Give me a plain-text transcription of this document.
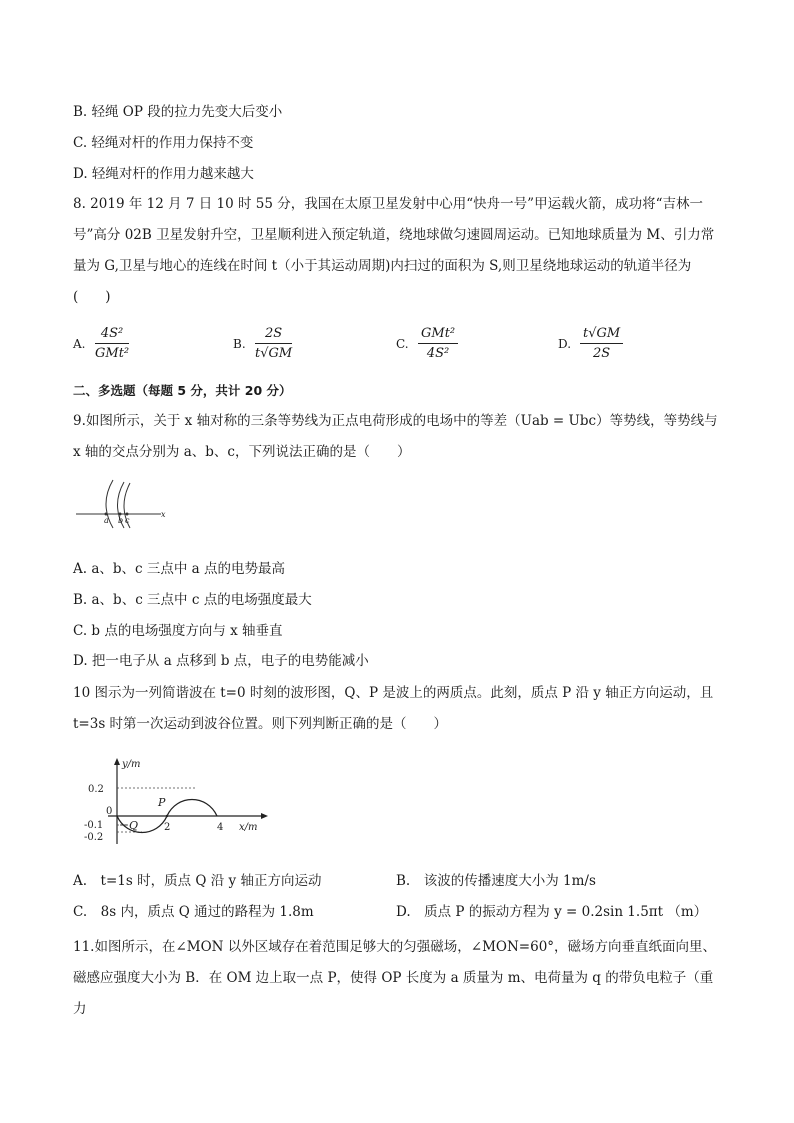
B. 轻绳 OP 段的拉力先变大后变小
C. 轻绳对杆的作用力保持不变
D. 轻绳对杆的作用力越来越大
8. 2019 年 12 月 7 日 10 时 55 分，我国在太原卫星发射中心用“快舟一号”甲运载火箭，成功将“吉林一号”高分 02B 卫星发射升空，卫星顺利进入预定轨道，绕地球做匀速圆周运动。已知地球质量为 M、引力常量为 G,卫星与地心的连线在时间 t（小于其运动周期)内扫过的面积为 S,则卫星绕地球运动的轨道半径为(　　)
A.
4S²
GMt²
B. $\frac{2S}{t√GM}$	C.
GMt²
4S²
D. $\frac{t√GM}{2S}$
二、多选题（每题 5 分，共计 20 分）
9.如图所示，关于 x 轴对称的三条等势线为正点电荷形成的电场中的等差（Uab = Ubc）等势线，等势线与 x 轴的交点分别为 a、b、c，下列说法正确的是（　　）
a b c
x
A. a、b、c 三点中 a 点的电势最高
B. a、b、c 三点中 c 点的电场强度最大
C. b 点的电场强度方向与 x 轴垂直
D. 把一电子从 a 点移到 b 点，电子的电势能减小
10 图示为一列简谐波在 t=0 时刻的波形图，Q、P 是波上的两质点。此刻，质点 P 沿 y 轴正方向运动，且 t=3s 时第一次运动到波谷位置。则下列判断正确的是（　　）
y/m
x/m
0.2
0
-0.1
-0.2
2	4
P
Q
A.　t=1s 时，质点 Q 沿 y 轴正方向运动	B.　该波的传播速度大小为 1m/s
C.　8s 内，质点 Q 通过的路程为 1.8m	D.　质点 P 的振动方程为 y = 0.2sin 1.5πt （m）
11.如图所示，在∠MON 以外区域存在着范围足够大的匀强磁场，∠MON=60°，磁场方向垂直纸面向里、磁感应强度大小为 B．在 OM 边上取一点 P，使得 OP 长度为 a 质量为 m、电荷量为 q 的带负电粒子（重力
